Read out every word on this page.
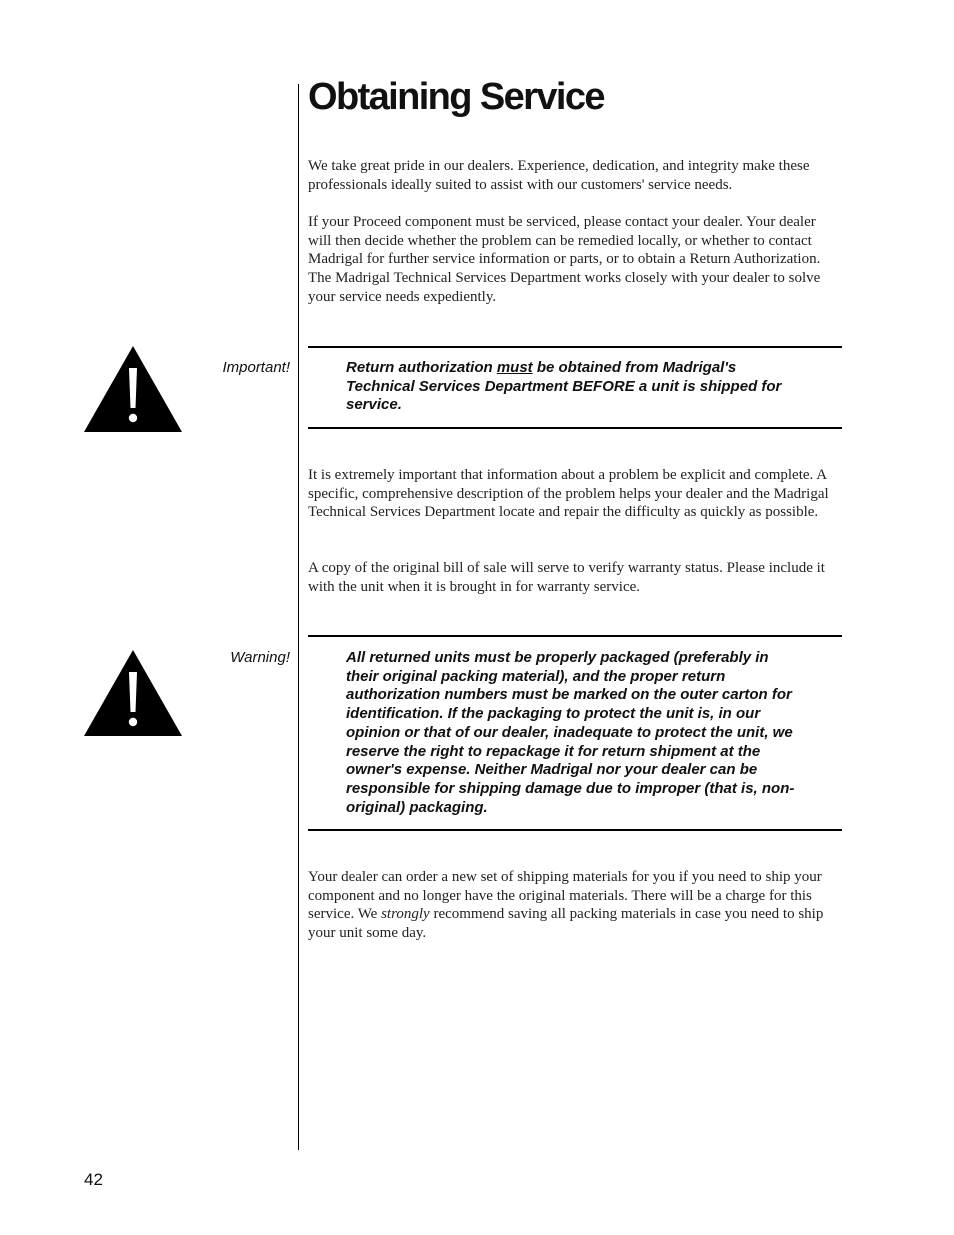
Obtaining Service

We take great pride in our dealers. Experience, dedication, and integrity make these professionals ideally suited to assist with our customers' service needs.

If your Proceed component must be serviced, please contact your dealer. Your dealer will then decide whether the problem can be remedied locally, or whether to contact Madrigal for further service information or parts, or to obtain a Return Authorization. The Madrigal Technical Services Department works closely with your dealer to solve your service needs expediently.

Important!	Return authorization must be obtained from Madrigal's Technical Services Department BEFORE a unit is shipped for service.

It is extremely important that information about a problem be explicit and complete. A specific, comprehensive description of the problem helps your dealer and the Madrigal Technical Services Department locate and repair the difficulty as quickly as possible.

A copy of the original bill of sale will serve to verify warranty status. Please include it with the unit when it is brought in for warranty service.

Warning!	All returned units must be properly packaged (preferably in their original packing material), and the proper return authorization numbers must be marked on the outer carton for identification. If the packaging to protect the unit is, in our opinion or that of our dealer, inadequate to protect the unit, we reserve the right to repackage it for return shipment at the owner's expense. Neither Madrigal nor your dealer can be responsible for shipping damage due to improper (that is, non-original) packaging.

Your dealer can order a new set of shipping materials for you if you need to ship your component and no longer have the original materials. There will be a charge for this service. We strongly recommend saving all packing materials in case you need to ship your unit some day.

42
